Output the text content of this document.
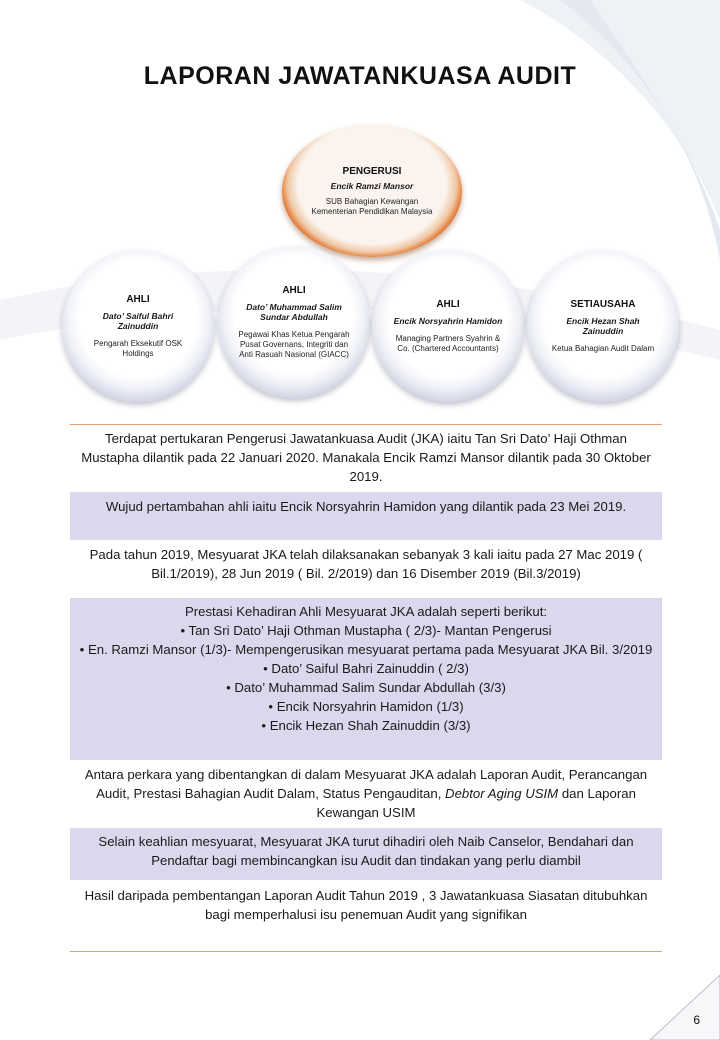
LAPORAN JAWATANKUASA AUDIT
PENGERUSI
Encik Ramzi Mansor
SUB Bahagian Kewangan Kementerian Pendidikan Malaysia
AHLI
Dato’ Saiful Bahri Zainuddin
Pengarah Eksekutif OSK Holdings
AHLI
Dato’ Muhammad Salim Sundar Abdullah
Pegawai Khas Ketua Pengarah Pusat Governans, Integriti dan Anti Rasuah Nasional (GIACC)
AHLI
Encik Norsyahrin Hamidon
Managing Partners Syahrin & Co. (Chartered Accountants)
SETIAUSAHA
Encik Hezan Shah Zainuddin
Ketua Bahagian Audit Dalam
Terdapat pertukaran Pengerusi Jawatankuasa Audit (JKA) iaitu Tan Sri Dato’ Haji Othman Mustapha dilantik pada 22 Januari 2020. Manakala Encik Ramzi Mansor dilantik pada 30 Oktober 2019.
Wujud pertambahan ahli iaitu Encik Norsyahrin Hamidon yang dilantik pada 23 Mei 2019.
Pada tahun 2019, Mesyuarat JKA telah dilaksanakan sebanyak 3 kali iaitu pada 27 Mac 2019 ( Bil.1/2019), 28 Jun 2019 ( Bil. 2/2019) dan 16 Disember 2019 (Bil.3/2019)
Prestasi Kehadiran Ahli Mesyuarat JKA adalah seperti berikut:
• Tan Sri Dato’ Haji Othman Mustapha ( 2/3)- Mantan Pengerusi
• En. Ramzi Mansor (1/3)- Mempengerusikan mesyuarat pertama pada Mesyuarat JKA Bil. 3/2019
• Dato’ Saiful Bahri Zainuddin ( 2/3)
• Dato’ Muhammad Salim Sundar Abdullah (3/3)
• Encik Norsyahrin Hamidon (1/3)
• Encik Hezan Shah Zainuddin (3/3)
Antara perkara yang dibentangkan di dalam Mesyuarat JKA adalah Laporan Audit, Perancangan Audit, Prestasi Bahagian Audit Dalam, Status Pengauditan, Debtor Aging USIM dan Laporan Kewangan USIM
Selain keahlian mesyuarat, Mesyuarat JKA turut dihadiri oleh Naib Canselor, Bendahari dan Pendaftar bagi membincangkan isu Audit dan tindakan yang perlu diambil
Hasil daripada pembentangan Laporan Audit Tahun 2019 , 3 Jawatankuasa Siasatan ditubuhkan bagi memperhalusi isu penemuan Audit yang signifikan
6
